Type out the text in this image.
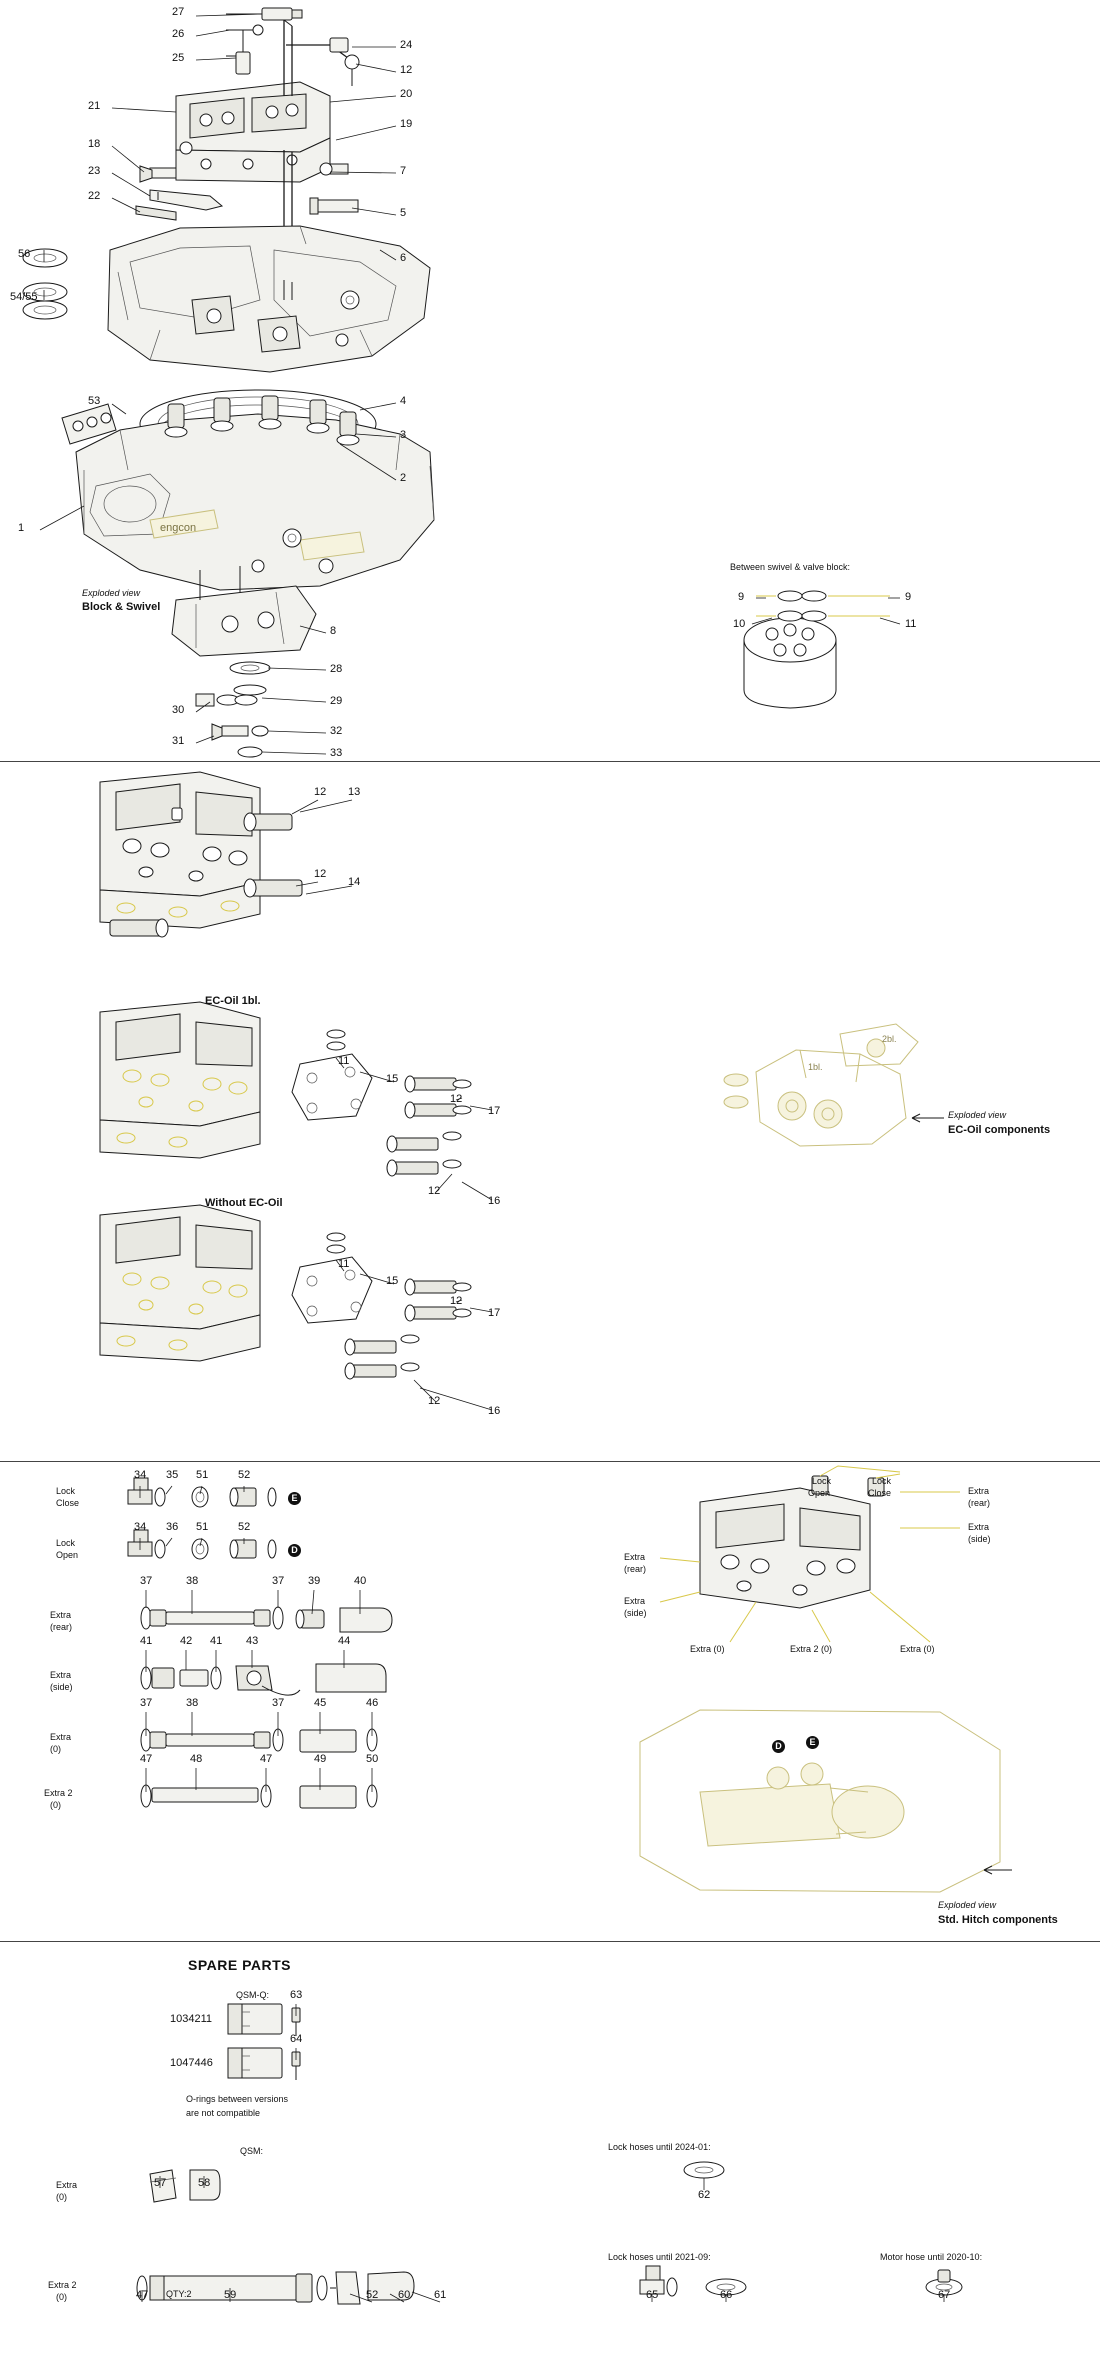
engcon
27
26
25
24
12
20
19
21
18
23
22
7
5
6
56
54/55
53	4
3
2
1
8
28
29
30
31
32
33
Exploded view
Block & Swivel
Between swivel & valve block:
9	9
10	11
12 13
12
14
11
15
12
17
12
16
11
15
12
17
12
16
EC-Oil 1bl.
Without EC-Oil
1bl.
2bl.
Exploded view
EC-Oil components
Lock
Close
Lock
Open
34 35 51	52
E
34 36 51	52
D
Extra
(rear)
37	38	37 39	40
Extra
(side)
41	42 41 43	44
Extra
(0)
37	38	37	45	46
Extra 2
(0)
47	48	47	49	50
Lock
Open
Lock
Close	Extra
(rear)
Extra
(side)
Extra
(rear)
Extra
(side)
Extra (0)	Extra 2 (0)	Extra (0)
D	E
Exploded view
Std. Hitch components
SPARE PARTS
QSM-Q: 63
64
O-rings between versions
are not compatible
QSM:
Extra
(0)
Extra 2
(0)	QTY:2
57	58
47	59	52 60 61
62
65	66	67
Lock hoses until 2024-01:
Lock hoses until 2021-09:	Motor hose until 2020-10:
1034211
1047446
